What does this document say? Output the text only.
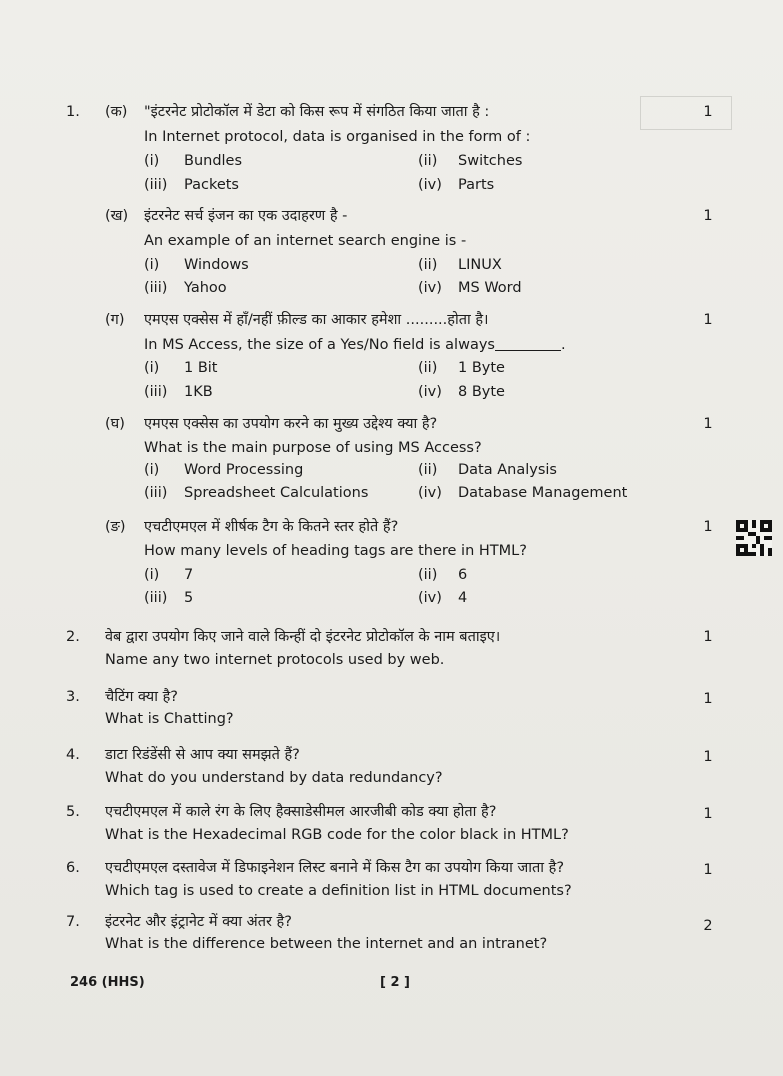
1.	(क)	"इंटरनेट प्रोटोकॉल में डेटा को किस रूप में संगठित किया जाता है :	1
In Internet protocol, data is organised in the form of :
(i) Bundles	(ii) Switches
(iii) Packets	(iv) Parts
(ख)	इंटरनेट सर्च इंजन का एक उदाहरण है -	1
An example of an internet search engine is -
(i) Windows	(ii) LINUX
(iii) Yahoo	(iv) MS Word
(ग)	एमएस एक्सेस में हाँ/नहीं फ़ील्ड का आकार हमेशा .........होता है।	1
In MS Access, the size of a Yes/No field is always	.
(i) 1 Bit	(ii) 1 Byte
(iii) 1KB	(iv) 8 Byte
(घ)	एमएस एक्सेस का उपयोग करने का मुख्य उद्देश्य क्या है?	1
What is the main purpose of using MS Access?
(i) Word Processing	(ii) Data Analysis
(iii) Spreadsheet Calculations	(iv) Database Management
(ङ)	एचटीएमएल में शीर्षक टैग के कितने स्तर होते हैं?	1
How many levels of heading tags are there in HTML?
(i) 7	(ii) 6
(iii) 5	(iv) 4
2.	वेब द्वारा उपयोग किए जाने वाले किन्हीं दो इंटरनेट प्रोटोकॉल के नाम बताइए।	1
Name any two internet protocols used by web.
3.	चैटिंग क्या है?	1
What is Chatting?
4.	डाटा रिडंडेंसी से आप क्या समझते हैं?	1
What do you understand by data redundancy?
5.	एचटीएमएल में काले रंग के लिए हैक्साडेसीमल आरजीबी कोड क्या होता है?	1
What is the Hexadecimal RGB code for the color black in HTML?
6.	एचटीएमएल दस्तावेज में डिफाइनेशन लिस्ट बनाने में किस टैग का उपयोग किया जाता है?	1
Which tag is used to create a definition list in HTML documents?
7.	इंटरनेट और इंट्रानेट में क्या अंतर है?	2
What is the difference between the internet and an intranet?
246 (HHS)	[ 2 ]
